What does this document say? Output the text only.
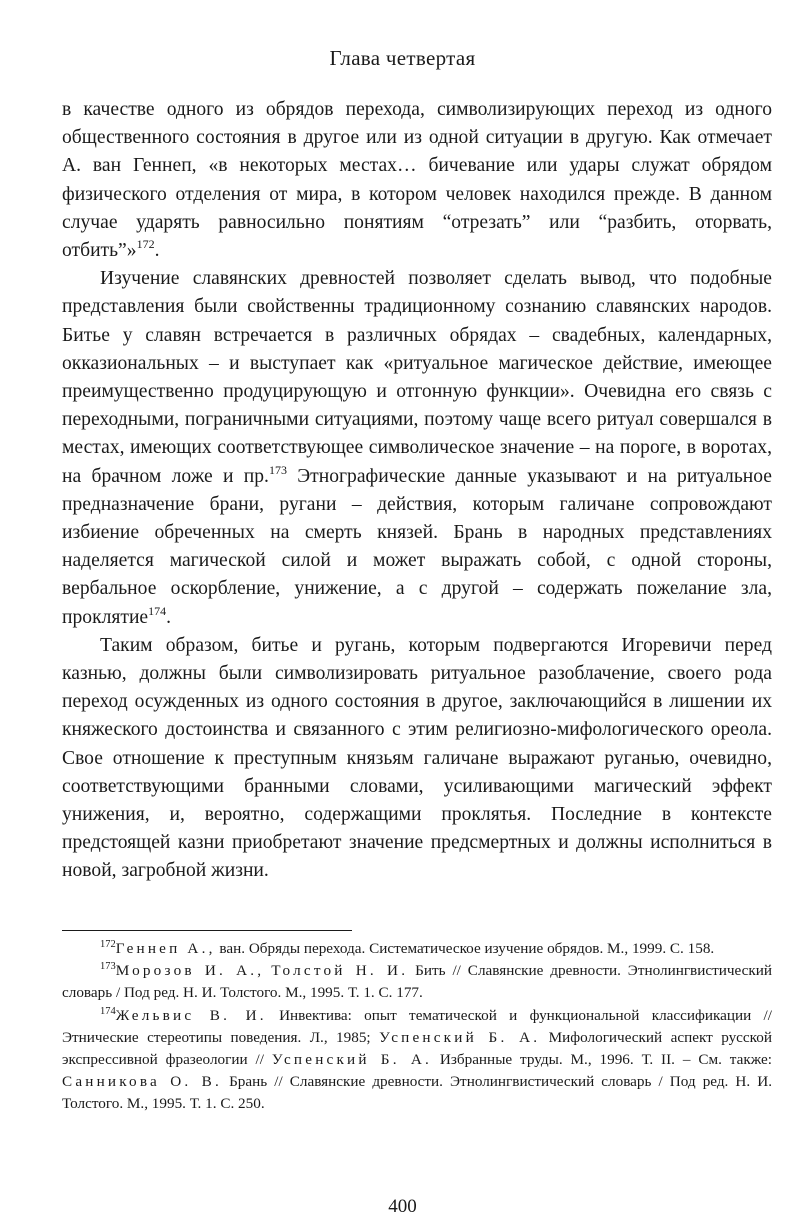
Глава четвертая

в качестве одного из обрядов перехода, символизирующих переход из одного общественного состояния в другое или из одной ситуации в другую. Как отмечает А. ван Геннеп, «в некоторых местах… бичевание или удары служат обрядом физического отделения от мира, в котором человек находился прежде. В данном случае ударять равносильно понятиям “отрезать” или “разбить, оторвать, отбить”»$^{172}$.

Изучение славянских древностей позволяет сделать вывод, что подобные представления были свойственны традиционному сознанию славянских народов. Битье у славян встречается в различных обрядах – свадебных, календарных, окказиональных – и выступает как «ритуальное магическое действие, имеющее преимущественно продуцирующую и отгонную функции». Очевидна его связь с переходными, пограничными ситуациями, поэтому чаще всего ритуал совершался в местах, имеющих соответствующее символическое значение – на пороге, в воротах, на брачном ложе и пр.$^{173}$ Этнографические данные указывают и на ритуальное предназначение брани, ругани – действия, которым галичане сопровождают избиение обреченных на смерть князей. Брань в народных представлениях наделяется магической силой и может выражать собой, с одной стороны, вербальное оскорбление, унижение, а с другой – содержать пожелание зла, проклятие$^{174}$.

Таким образом, битье и ругань, которым подвергаются Игоревичи перед казнью, должны были символизировать ритуальное разоблачение, своего рода переход осужденных из одного состояния в другое, заключающийся в лишении их княжеского достоинства и связанного с этим религиозно-мифологического ореола. Свое отношение к преступным князьям галичане выражают руганью, очевидно, соответствующими бранными словами, усиливающими магический эффект унижения, и, вероятно, содержащими проклятья. Последние в контексте предстоящей казни приобретают значение предсмертных и должны исполниться в новой, загробной жизни.

$^{172}$Геннеп А., ван. Обряды перехода. Систематическое изучение обрядов. М., 1999. С. 158.

$^{173}$Морозов И. А., Толстой Н. И. Бить // Славянские древности. Этнолингвистический словарь / Под ред. Н. И. Толстого. М., 1995. Т. 1. С. 177.

$^{174}$Жельвис В. И. Инвектива: опыт тематической и функциональной классификации // Этнические стереотипы поведения. Л., 1985; Успенский Б. А. Мифологический аспект русской экспрессивной фразеологии // Успенский Б. А. Избранные труды. М., 1996. Т. II. – См. также: Санникова О. В. Брань // Славянские древности. Этнолингвистический словарь / Под ред. Н. И. Толстого. М., 1995. Т. 1. С. 250.

400
